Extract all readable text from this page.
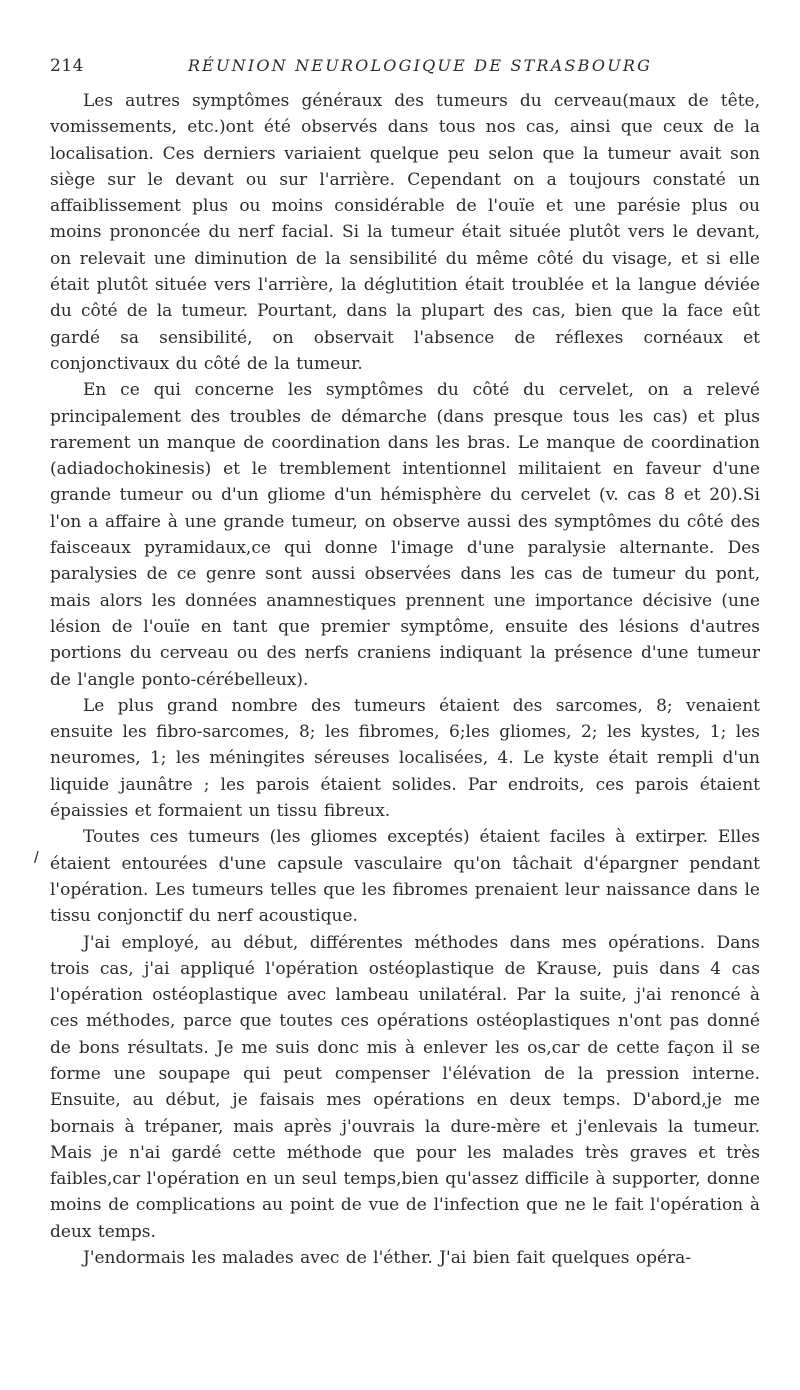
214	RÉUNION NEUROLOGIQUE DE STRASBOURG
/

Les autres symptômes généraux des tumeurs du cerveau(maux de tête, vomissements, etc.)ont été observés dans tous nos cas, ainsi que ceux de la localisation. Ces derniers variaient quelque peu selon que la tumeur avait son siège sur le devant ou sur l'arrière. Cependant on a toujours constaté un affaiblissement plus ou moins considérable de l'ouïe et une parésie plus ou moins prononcée du nerf facial. Si la tumeur était située plutôt vers le devant, on relevait une diminution de la sensibilité du même côté du visage, et si elle était plutôt située vers l'arrière, la déglutition était troublée et la langue déviée du côté de la tumeur. Pourtant, dans la plupart des cas, bien que la face eût gardé sa sensibilité, on observait l'absence de réflexes cornéaux et conjonctivaux du côté de la tumeur.

En ce qui concerne les symptômes du côté du cervelet, on a relevé principalement des troubles de démarche (dans presque tous les cas) et plus rarement un manque de coordination dans les bras. Le manque de coordination (adiadochokinesis) et le tremblement intentionnel militaient en faveur d'une grande tumeur ou d'un gliome d'un hémisphère du cervelet (v. cas 8 et 20).Si l'on a affaire à une grande tumeur, on observe aussi des symptômes du côté des faisceaux pyramidaux,ce qui donne l'image d'une paralysie alternante. Des paralysies de ce genre sont aussi observées dans les cas de tumeur du pont, mais alors les données anamnestiques prennent une importance décisive (une lésion de l'ouïe en tant que premier symptôme, ensuite des lésions d'autres portions du cerveau ou des nerfs craniens indiquant la présence d'une tumeur de l'angle ponto-cérébelleux).

Le plus grand nombre des tumeurs étaient des sarcomes, 8; venaient ensuite les fibro-sarcomes, 8; les fibromes, 6;les gliomes, 2; les kystes, 1; les neuromes, 1; les méningites séreuses localisées, 4. Le kyste était rempli d'un liquide jaunâtre ; les parois étaient solides. Par endroits, ces parois étaient épaissies et formaient un tissu fibreux.

Toutes ces tumeurs (les gliomes exceptés) étaient faciles à extirper. Elles étaient entourées d'une capsule vasculaire qu'on tâchait d'épargner pendant l'opération. Les tumeurs telles que les fibromes prenaient leur naissance dans le tissu conjonctif du nerf acoustique.

J'ai employé, au début, différentes méthodes dans mes opérations. Dans trois cas, j'ai appliqué l'opération ostéoplastique de Krause, puis dans 4 cas l'opération ostéoplastique avec lambeau unilatéral. Par la suite, j'ai renoncé à ces méthodes, parce que toutes ces opérations ostéoplastiques n'ont pas donné de bons résultats. Je me suis donc mis à enlever les os,car de cette façon il se forme une soupape qui peut compenser l'élévation de la pression interne. Ensuite, au début, je faisais mes opérations en deux temps. D'abord,je me bornais à trépaner, mais après j'ouvrais la dure-mère et j'enlevais la tumeur. Mais je n'ai gardé cette méthode que pour les malades très graves et très faibles,car l'opération en un seul temps,bien qu'assez difficile à supporter, donne moins de complications au point de vue de l'infection que ne le fait l'opération à deux temps.

J'endormais les malades avec de l'éther. J'ai bien fait quelques opéra-
